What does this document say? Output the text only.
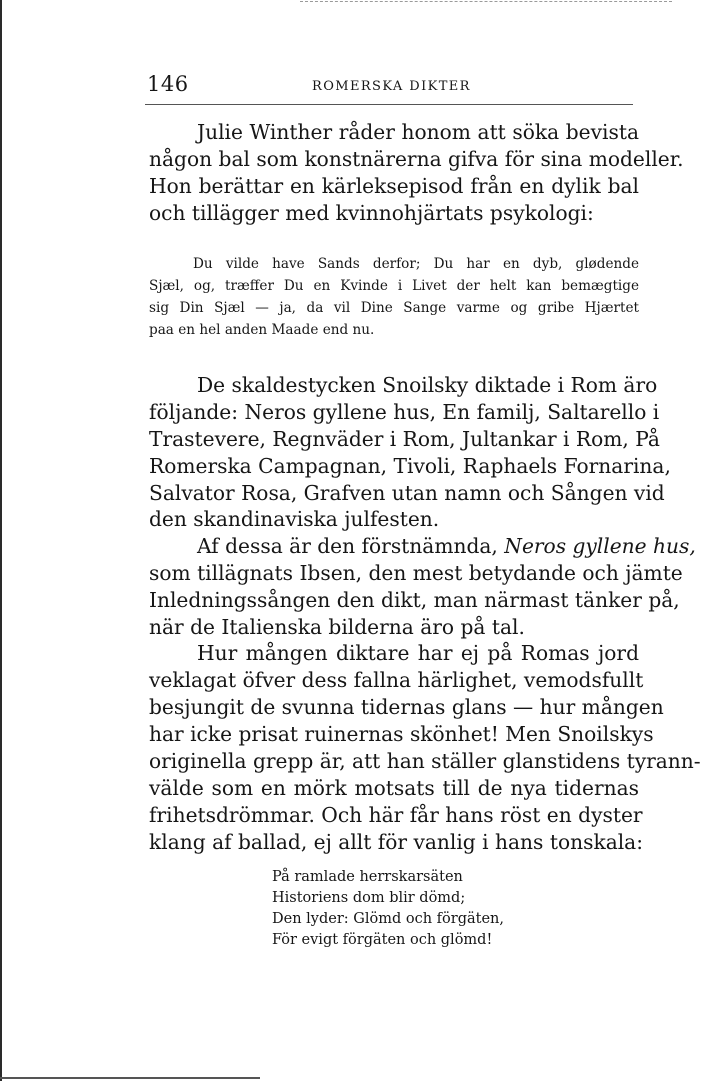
146	ROMERSKA DIKTER
Julie Winther råder honom att söka bevista
någon bal som konstnärerna gifva för sina modeller.
Hon berättar en kärleksepisod från en dylik bal
och tillägger med kvinnohjärtats psykologi:
Du vilde have Sands derfor; Du har en dyb, glødende
Sjæl, og, træffer Du en Kvinde i Livet der helt kan bemægtige
sig Din Sjæl — ja, da vil Dine Sange varme og gribe Hjærtet
paa en hel anden Maade end nu.
De skaldestycken Snoilsky diktade i Rom äro
följande: Neros gyllene hus, En familj, Saltarello i
Trastevere, Regnväder i Rom, Jultankar i Rom, På
Romerska Campagnan, Tivoli, Raphaels Fornarina,
Salvator Rosa, Grafven utan namn och Sången vid
den skandinaviska julfesten.
Af dessa är den förstnämnda, Neros gyllene hus,
som tillägnats Ibsen, den mest betydande och jämte
Inledningssången den dikt, man närmast tänker på,
när de Italienska bilderna äro på tal.
Hur mången diktare har ej på Romas jord
veklagat öfver dess fallna härlighet, vemodsfullt
besjungit de svunna tidernas glans — hur mången
har icke prisat ruinernas skönhet! Men Snoilskys
originella grepp är, att han ställer glanstidens tyrann-
välde som en mörk motsats till de nya tidernas
frihetsdrömmar. Och här får hans röst en dyster
klang af ballad, ej allt för vanlig i hans tonskala:
På ramlade herrskarsäten
Historiens dom blir dömd;
Den lyder: Glömd och förgäten,
För evigt förgäten och glömd!
